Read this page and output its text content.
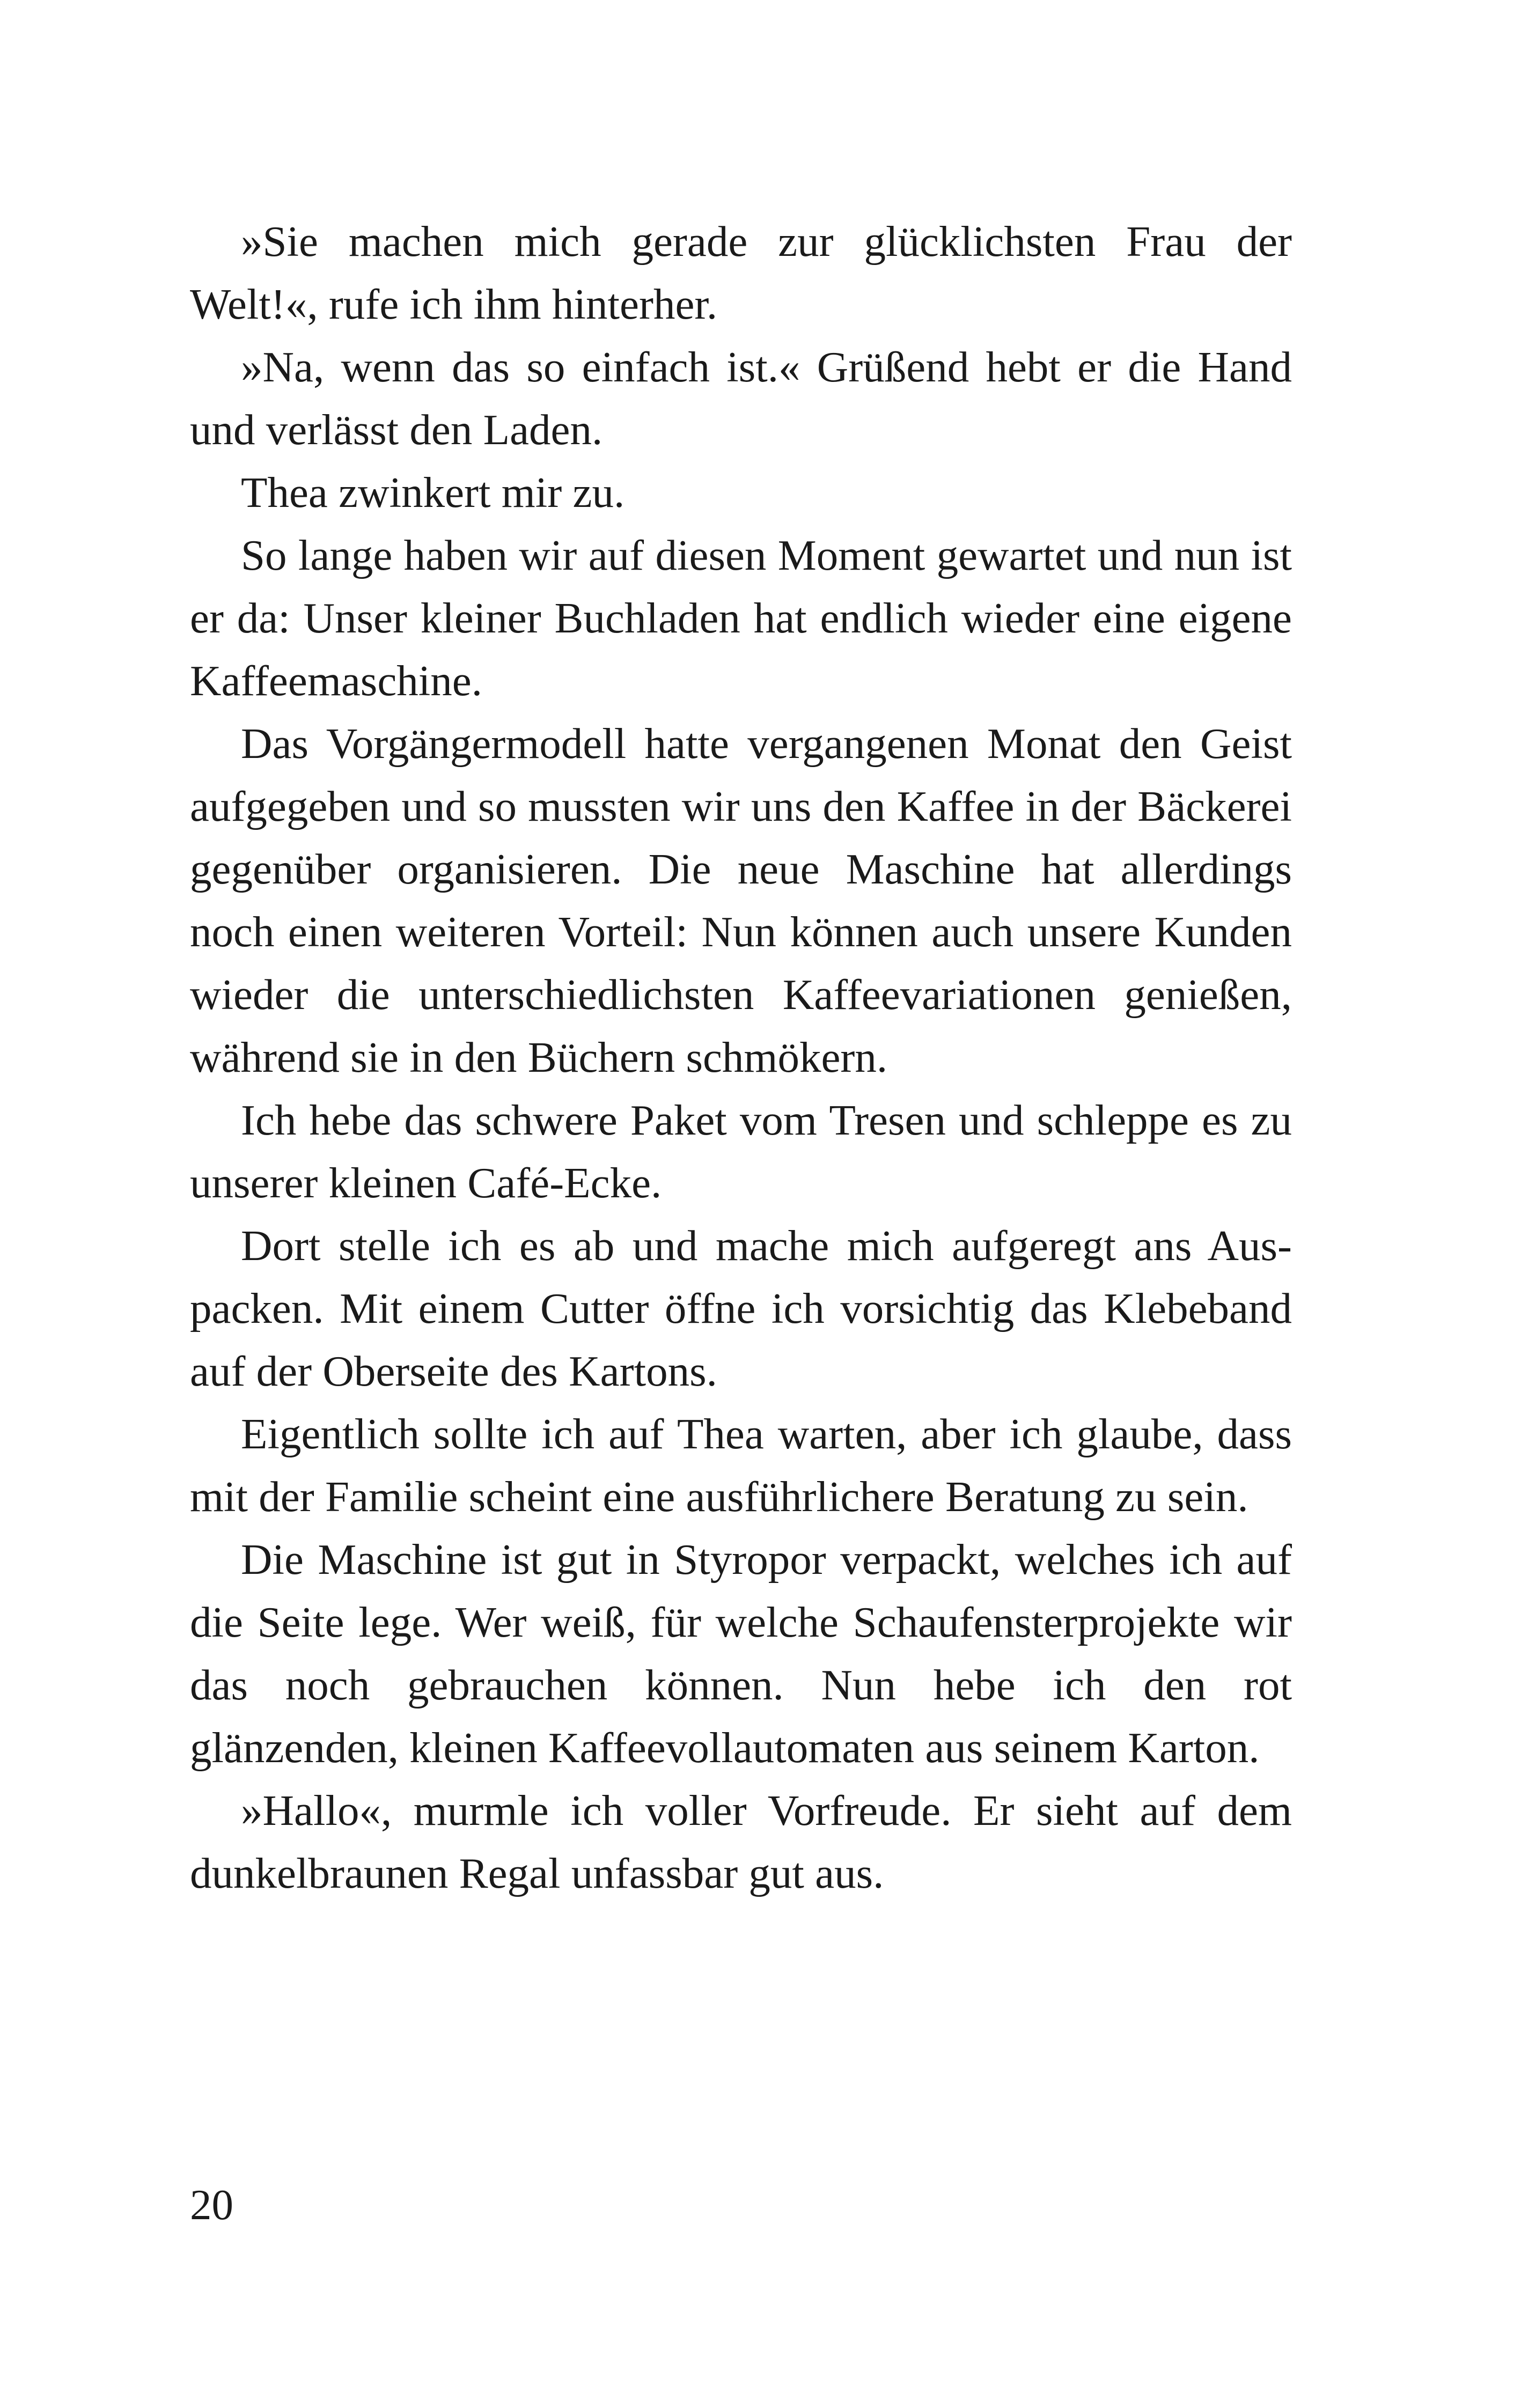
»Sie machen mich gerade zur glücklichsten Frau der Welt!«, rufe ich ihm hinterher.

»Na, wenn das so einfach ist.« Grüßend hebt er die Hand und verlässt den Laden.

Thea zwinkert mir zu.

So lange haben wir auf diesen Moment gewartet und nun ist er da: Unser kleiner Buchladen hat endlich wieder eine eigene Kaffeemaschine.

Das Vorgängermodell hatte vergangenen Monat den Geist aufgegeben und so mussten wir uns den Kaffee in der Bäckerei gegenüber organisieren. Die neue Maschine hat allerdings noch einen weiteren Vorteil: Nun können auch unsere Kunden wieder die unterschiedlichsten Kaffeevariationen genießen, während sie in den Büchern schmökern.

Ich hebe das schwere Paket vom Tresen und schleppe es zu unserer kleinen Café-Ecke.

Dort stelle ich es ab und mache mich aufgeregt ans Auspacken. Mit einem Cutter öffne ich vorsichtig das Klebeband auf der Oberseite des Kartons.

Eigentlich sollte ich auf Thea warten, aber ich glaube, dass mit der Familie scheint eine ausführlichere Beratung zu sein.

Die Maschine ist gut in Styropor verpackt, welches ich auf die Seite lege. Wer weiß, für welche Schaufensterprojekte wir das noch gebrauchen können. Nun hebe ich den rot glänzenden, kleinen Kaffeevollautomaten aus seinem Karton.

»Hallo«, murmle ich voller Vorfreude. Er sieht auf dem dunkelbraunen Regal unfassbar gut aus.

20
